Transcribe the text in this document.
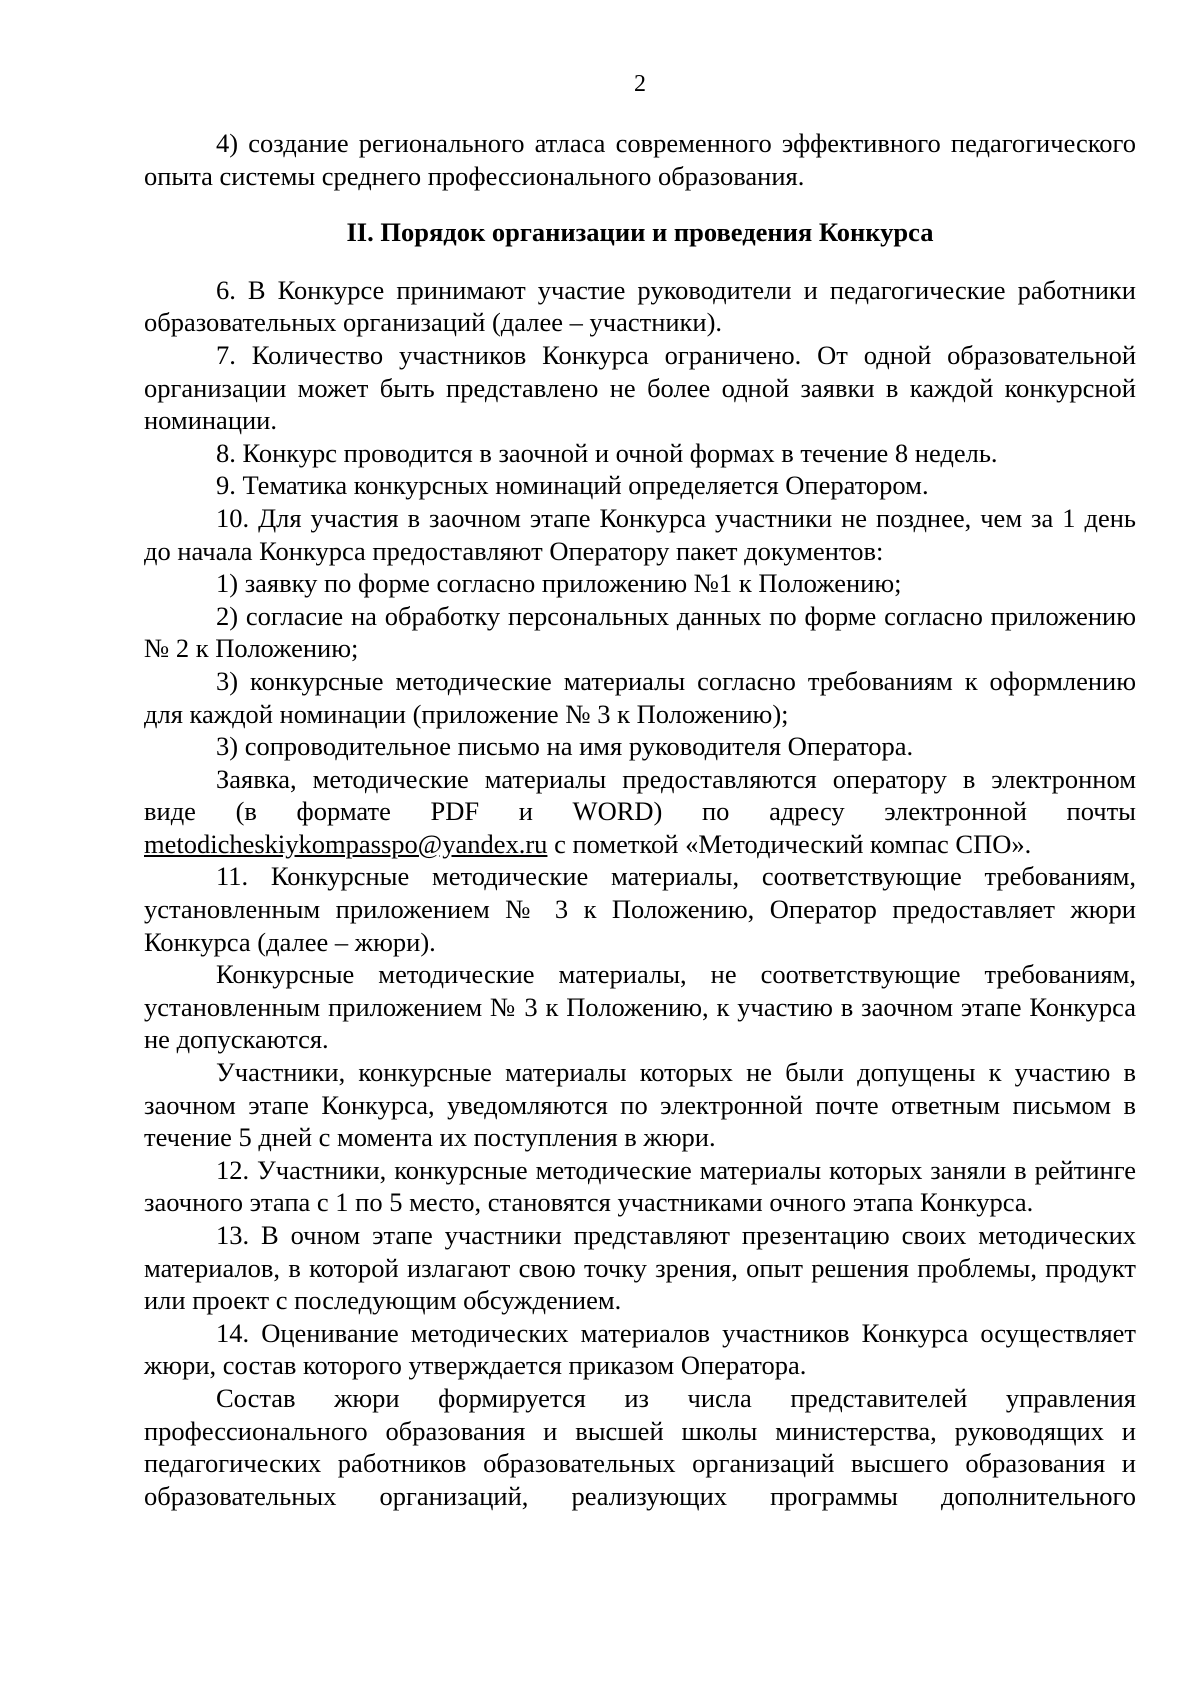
2

4) создание регионального атласа современного эффективного педагогического опыта системы среднего профессионального образования.

II. Порядок организации и проведения Конкурса

6. В Конкурсе принимают участие руководители и педагогические работники образовательных организаций (далее – участники).

7. Количество участников Конкурса ограничено. От одной образовательной организации может быть представлено не более одной заявки в каждой конкурсной номинации.

8. Конкурс проводится в заочной и очной формах в течение 8 недель.

9. Тематика конкурсных номинаций определяется Оператором.

10. Для участия в заочном этапе Конкурса участники не позднее, чем за 1 день до начала Конкурса предоставляют Оператору пакет документов:

1) заявку по форме согласно приложению №1 к Положению;

2) согласие на обработку персональных данных по форме согласно приложению № 2 к Положению;

3) конкурсные методические материалы согласно требованиям к оформлению для каждой номинации (приложение № 3 к Положению);

3) сопроводительное письмо на имя руководителя Оператора.

Заявка, методические материалы предоставляются оператору в электронном виде (в формате PDF и WORD) по адресу электронной почты metodicheskiykompasspo@yandex.ru с пометкой «Методический компас СПО».

11. Конкурсные методические материалы, соответствующие требованиям, установленным приложением № 3 к Положению, Оператор предоставляет жюри Конкурса (далее – жюри).

Конкурсные методические материалы, не соответствующие требованиям, установленным приложением № 3 к Положению, к участию в заочном этапе Конкурса не допускаются.

Участники, конкурсные материалы которых не были допущены к участию в заочном этапе Конкурса, уведомляются по электронной почте ответным письмом в течение 5 дней с момента их поступления в жюри.

12. Участники, конкурсные методические материалы которых заняли в рейтинге заочного этапа с 1 по 5 место, становятся участниками очного этапа Конкурса.

13. В очном этапе участники представляют презентацию своих методических материалов, в которой излагают свою точку зрения, опыт решения проблемы, продукт или проект с последующим обсуждением.

14. Оценивание методических материалов участников Конкурса осуществляет жюри, состав которого утверждается приказом Оператора.

Состав жюри формируется из числа представителей управления профессионального образования и высшей школы министерства, руководящих и педагогических работников образовательных организаций высшего образования и образовательных организаций, реализующих программы дополнительного
